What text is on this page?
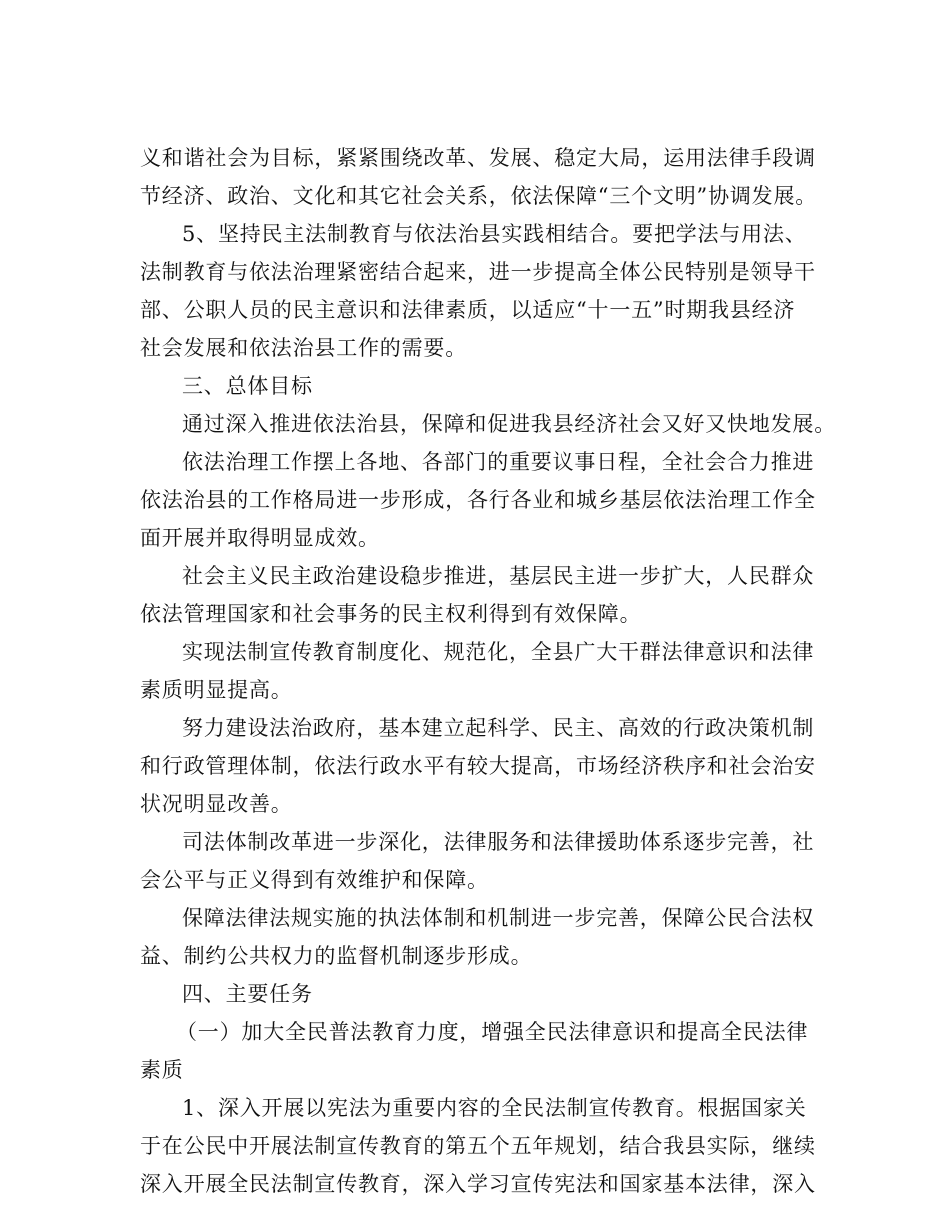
义和谐社会为目标，紧紧围绕改革、发展、稳定大局，运用法律手段调
节经济、政治、文化和其它社会关系，依法保障“三个文明”协调发展。
5、坚持民主法制教育与依法治县实践相结合。要把学法与用法、
法制教育与依法治理紧密结合起来，进一步提高全体公民特别是领导干
部、公职人员的民主意识和法律素质，以适应“十一五”时期我县经济
社会发展和依法治县工作的需要。
三、总体目标
通过深入推进依法治县，保障和促进我县经济社会又好又快地发展。
依法治理工作摆上各地、各部门的重要议事日程，全社会合力推进
依法治县的工作格局进一步形成，各行各业和城乡基层依法治理工作全
面开展并取得明显成效。
社会主义民主政治建设稳步推进，基层民主进一步扩大，人民群众
依法管理国家和社会事务的民主权利得到有效保障。
实现法制宣传教育制度化、规范化，全县广大干群法律意识和法律
素质明显提高。
努力建设法治政府，基本建立起科学、民主、高效的行政决策机制
和行政管理体制，依法行政水平有较大提高，市场经济秩序和社会治安
状况明显改善。
司法体制改革进一步深化，法律服务和法律援助体系逐步完善，社
会公平与正义得到有效维护和保障。
保障法律法规实施的执法体制和机制进一步完善，保障公民合法权
益、制约公共权力的监督机制逐步形成。
四、主要任务
（一）加大全民普法教育力度，增强全民法律意识和提高全民法律
素质
1、深入开展以宪法为重要内容的全民法制宣传教育。根据国家关
于在公民中开展法制宣传教育的第五个五年规划，结合我县实际，继续
深入开展全民法制宣传教育，深入学习宣传宪法和国家基本法律，深入
